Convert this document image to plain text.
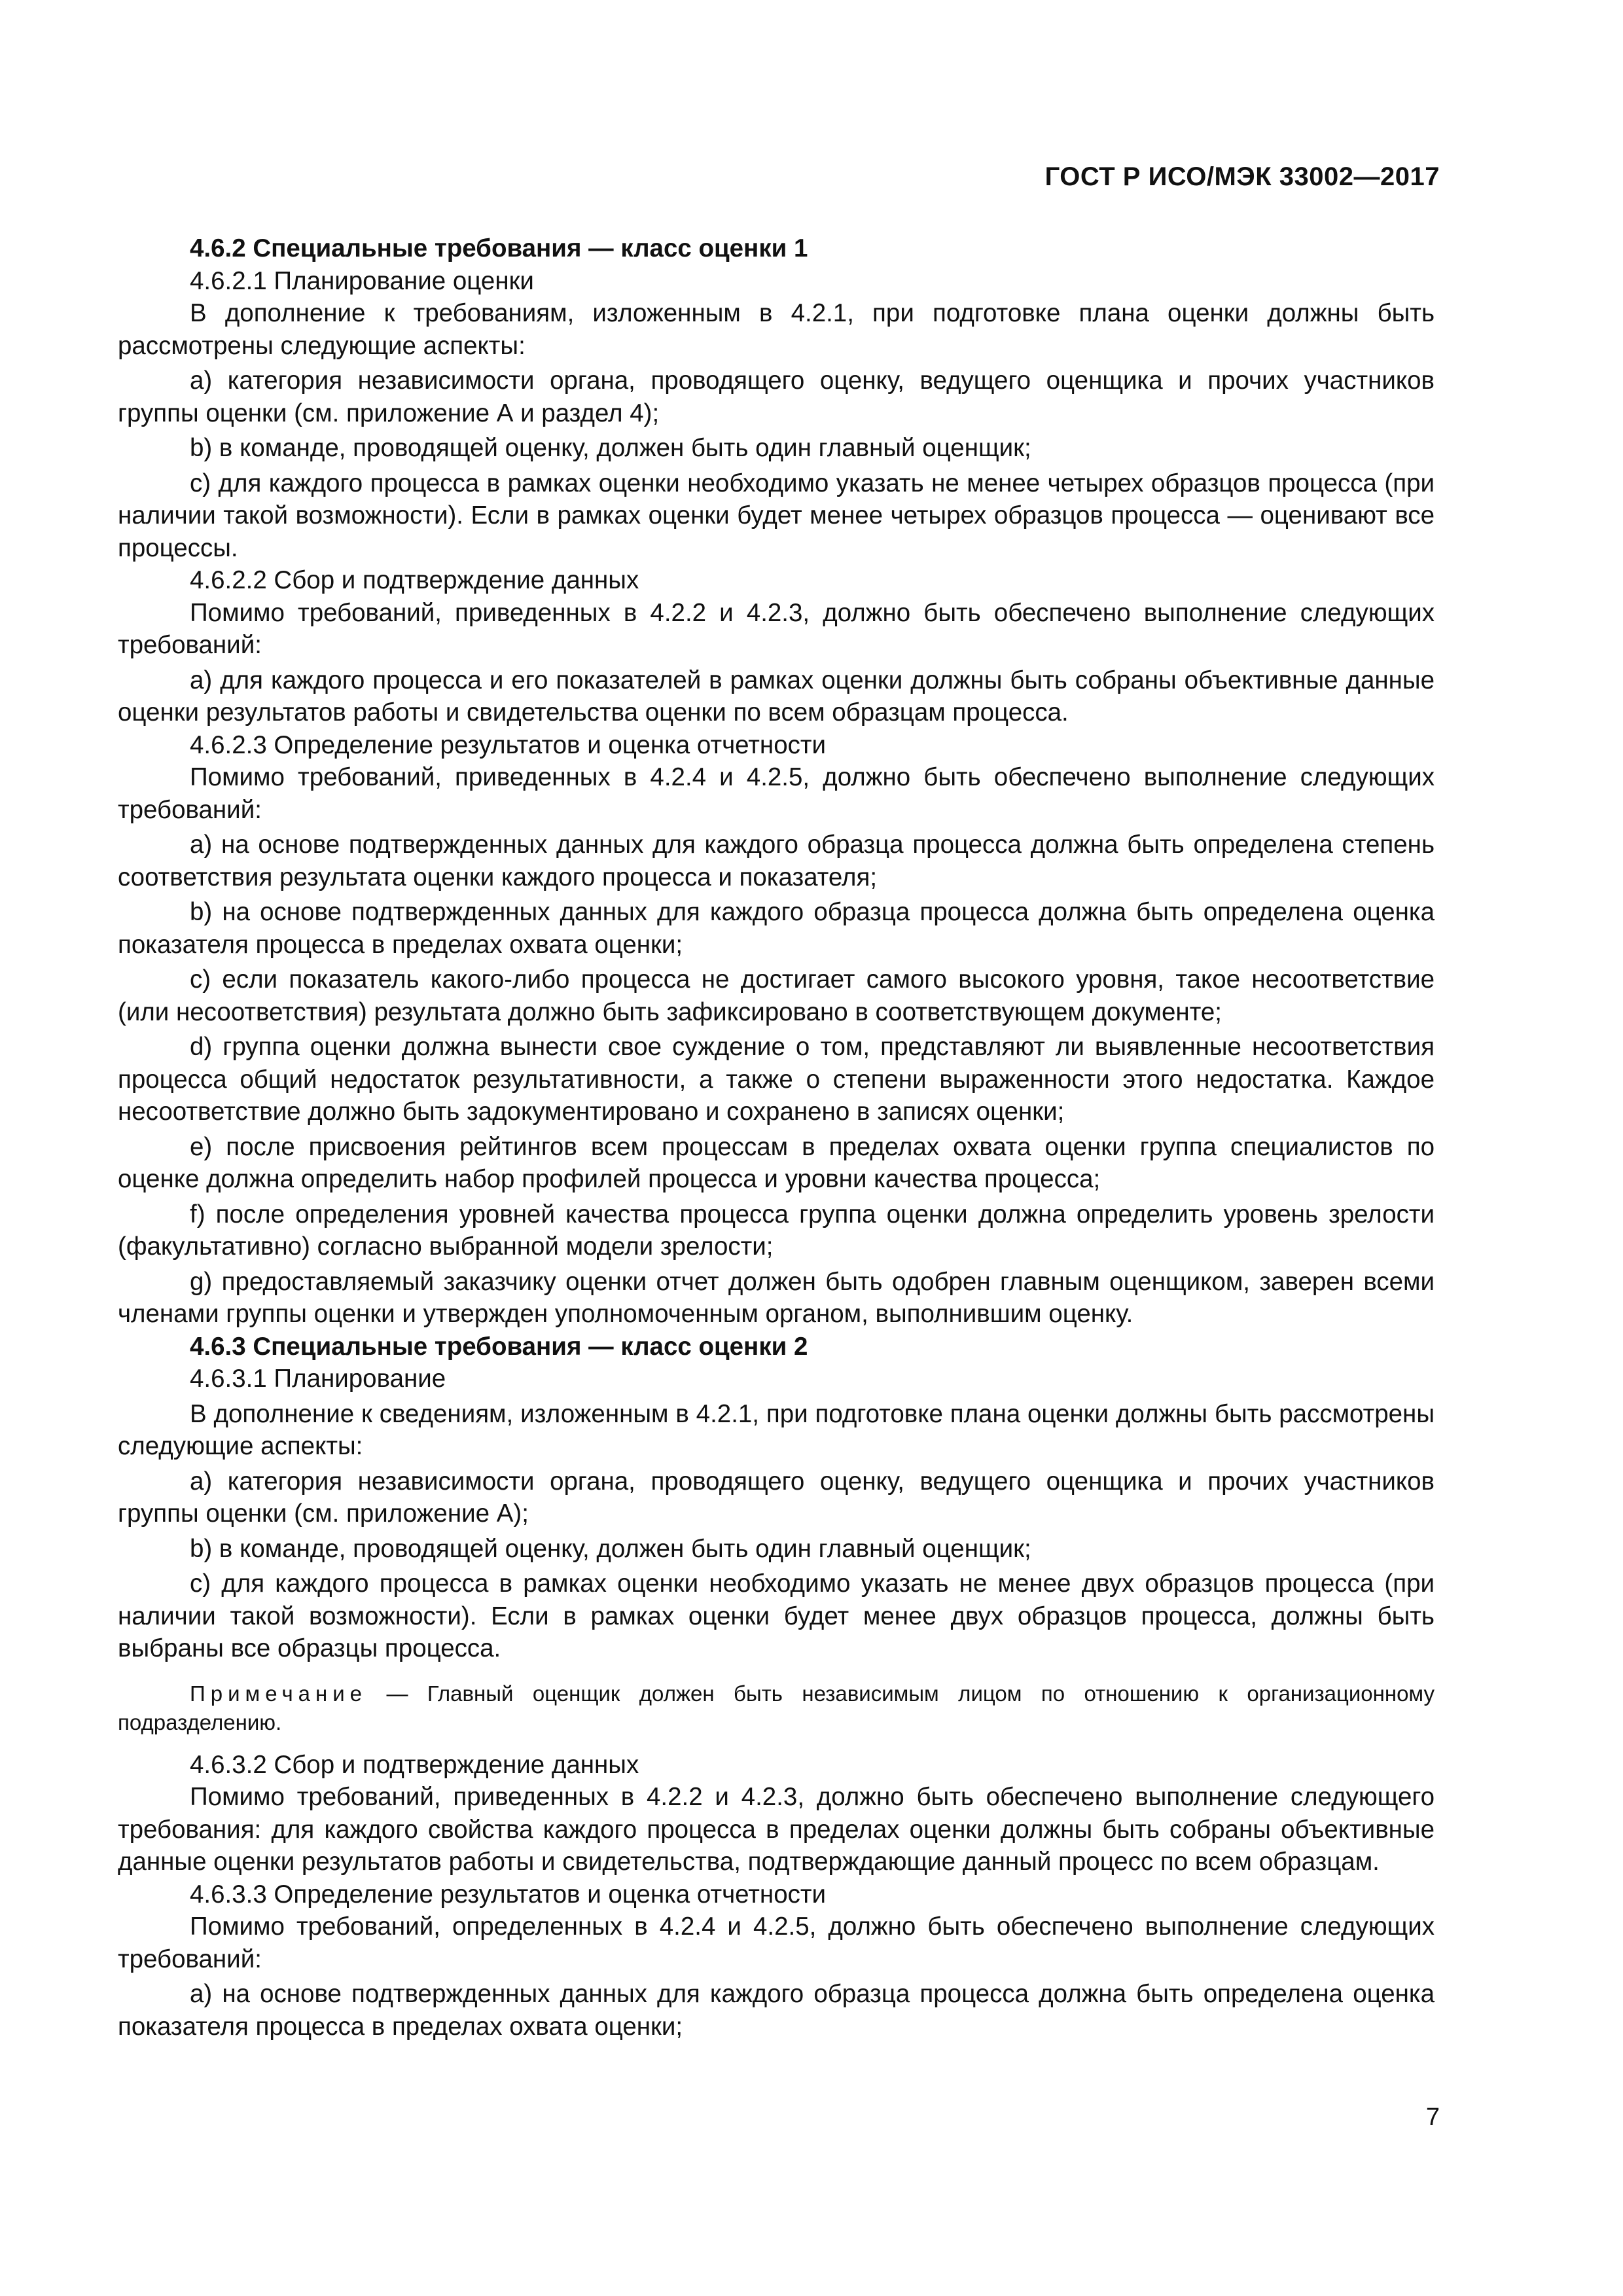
ГОСТ Р ИСО/МЭК 33002—2017

4.6.2 Специальные требования — класс оценки 1

4.6.2.1 Планирование оценки

В дополнение к требованиям, изложенным в 4.2.1, при подготовке плана оценки должны быть рассмотрены следующие аспекты:

а) категория независимости органа, проводящего оценку, ведущего оценщика и прочих участников группы оценки (см. приложение А и раздел 4);

b) в команде, проводящей оценку, должен быть один главный оценщик;

с) для каждого процесса в рамках оценки необходимо указать не менее четырех образцов процесса (при наличии такой возможности). Если в рамках оценки будет менее четырех образцов процесса — оценивают все процессы.

4.6.2.2 Сбор и подтверждение данных

Помимо требований, приведенных в 4.2.2 и 4.2.3, должно быть обеспечено выполнение следующих требований:

а) для каждого процесса и его показателей в рамках оценки должны быть собраны объективные данные оценки результатов работы и свидетельства оценки по всем образцам процесса.

4.6.2.3 Определение результатов и оценка отчетности

Помимо требований, приведенных в 4.2.4 и 4.2.5, должно быть обеспечено выполнение следующих требований:

а) на основе подтвержденных данных для каждого образца процесса должна быть определена степень соответствия результата оценки каждого процесса и показателя;

b) на основе подтвержденных данных для каждого образца процесса должна быть определена оценка показателя процесса в пределах охвата оценки;

с) если показатель какого-либо процесса не достигает самого высокого уровня, такое несоответствие (или несоответствия) результата должно быть зафиксировано в соответствующем документе;

d) группа оценки должна вынести свое суждение о том, представляют ли выявленные несоответствия процесса общий недостаток результативности, а также о степени выраженности этого недостатка. Каждое несоответствие должно быть задокументировано и сохранено в записях оценки;

е) после присвоения рейтингов всем процессам в пределах охвата оценки группа специалистов по оценке должна определить набор профилей процесса и уровни качества процесса;

f) после определения уровней качества процесса группа оценки должна определить уровень зрелости (факультативно) согласно выбранной модели зрелости;

g) предоставляемый заказчику оценки отчет должен быть одобрен главным оценщиком, заверен всеми членами группы оценки и утвержден уполномоченным органом, выполнившим оценку.

4.6.3 Специальные требования — класс оценки 2

4.6.3.1 Планирование

В дополнение к сведениям, изложенным в 4.2.1, при подготовке плана оценки должны быть рассмотрены следующие аспекты:

а) категория независимости органа, проводящего оценку, ведущего оценщика и прочих участников группы оценки (см. приложение А);

b) в команде, проводящей оценку, должен быть один главный оценщик;

с) для каждого процесса в рамках оценки необходимо указать не менее двух образцов процесса (при наличии такой возможности). Если в рамках оценки будет менее двух образцов процесса, должны быть выбраны все образцы процесса.

Примечание — Главный оценщик должен быть независимым лицом по отношению к организационному подразделению.

4.6.3.2 Сбор и подтверждение данных

Помимо требований, приведенных в 4.2.2 и 4.2.3, должно быть обеспечено выполнение следующего требования: для каждого свойства каждого процесса в пределах оценки должны быть собраны объективные данные оценки результатов работы и свидетельства, подтверждающие данный процесс по всем образцам.

4.6.3.3 Определение результатов и оценка отчетности

Помимо требований, определенных в 4.2.4 и 4.2.5, должно быть обеспечено выполнение следующих требований:

а) на основе подтвержденных данных для каждого образца процесса должна быть определена оценка показателя процесса в пределах охвата оценки;

7
